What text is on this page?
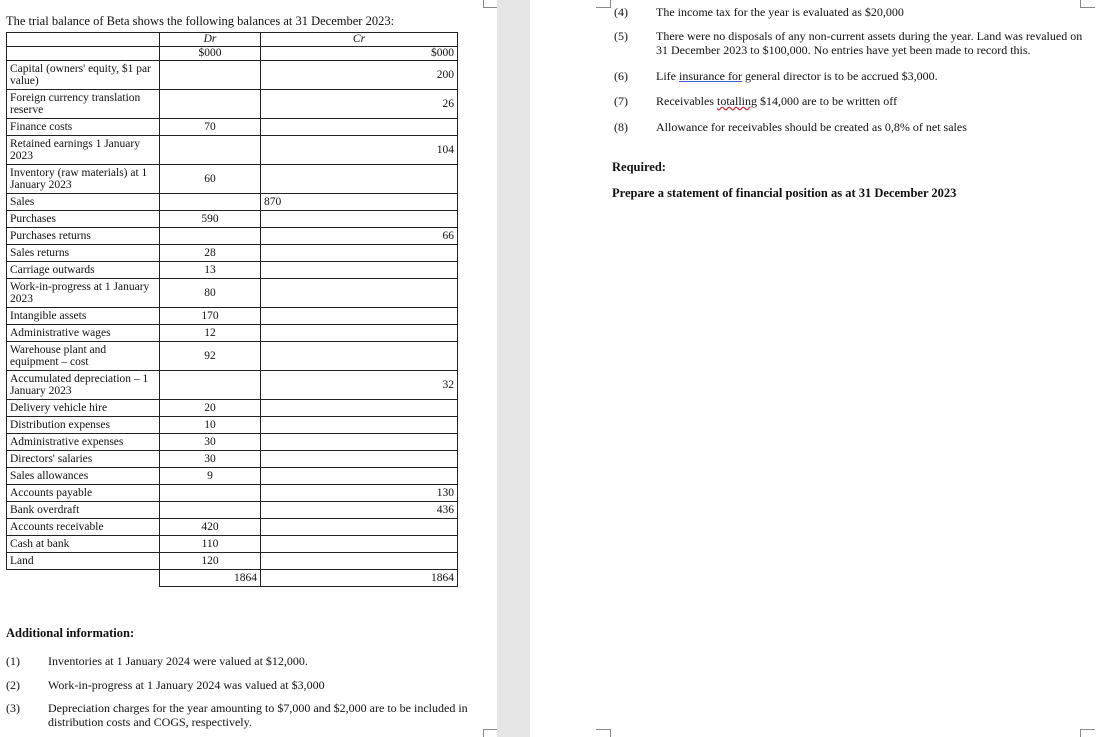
The trial balance of Beta shows the following balances at 31 December 2023:
	Dr	Cr
	$000	$000
Capital (owners' equity, $1 par value)		200
Foreign currency translation reserve		26
Finance costs	70	
Retained earnings 1 January 2023		104
Inventory (raw materials) at 1 January 2023	60	
Sales		870
Purchases	590	
Purchases returns		66
Sales returns	28	
Carriage outwards	13	
Work-in-progress at 1 January 2023	80	
Intangible assets	170	
Administrative wages	12	
Warehouse plant and equipment – cost	92	
Accumulated depreciation – 1 January 2023		32
Delivery vehicle hire	20	
Distribution expenses	10	
Administrative expenses	30	
Directors' salaries	30	
Sales allowances	9	
Accounts payable		130
Bank overdraft		436
Accounts receivable	420	
Cash at bank	110	
Land	120	
	1864	1864
Additional information:
(1) Inventories at 1 January 2024 were valued at $12,000.
(2) Work-in-progress at 1 January 2024 was valued at $3,000
(3) Depreciation charges for the year amounting to $7,000 and $2,000 are to be included in distribution costs and COGS, respectively.
(4) The income tax for the year is evaluated as $20,000
(5) There were no disposals of any non-current assets during the year. Land was revalued on 31 December 2023 to $100,000. No entries have yet been made to record this.
(6) Life insurance for general director is to be accrued $3,000.
(7) Receivables totalling $14,000 are to be written off
(8) Allowance for receivables should be created as 0,8% of net sales
Required:
Prepare a statement of financial position as at 31 December 2023
